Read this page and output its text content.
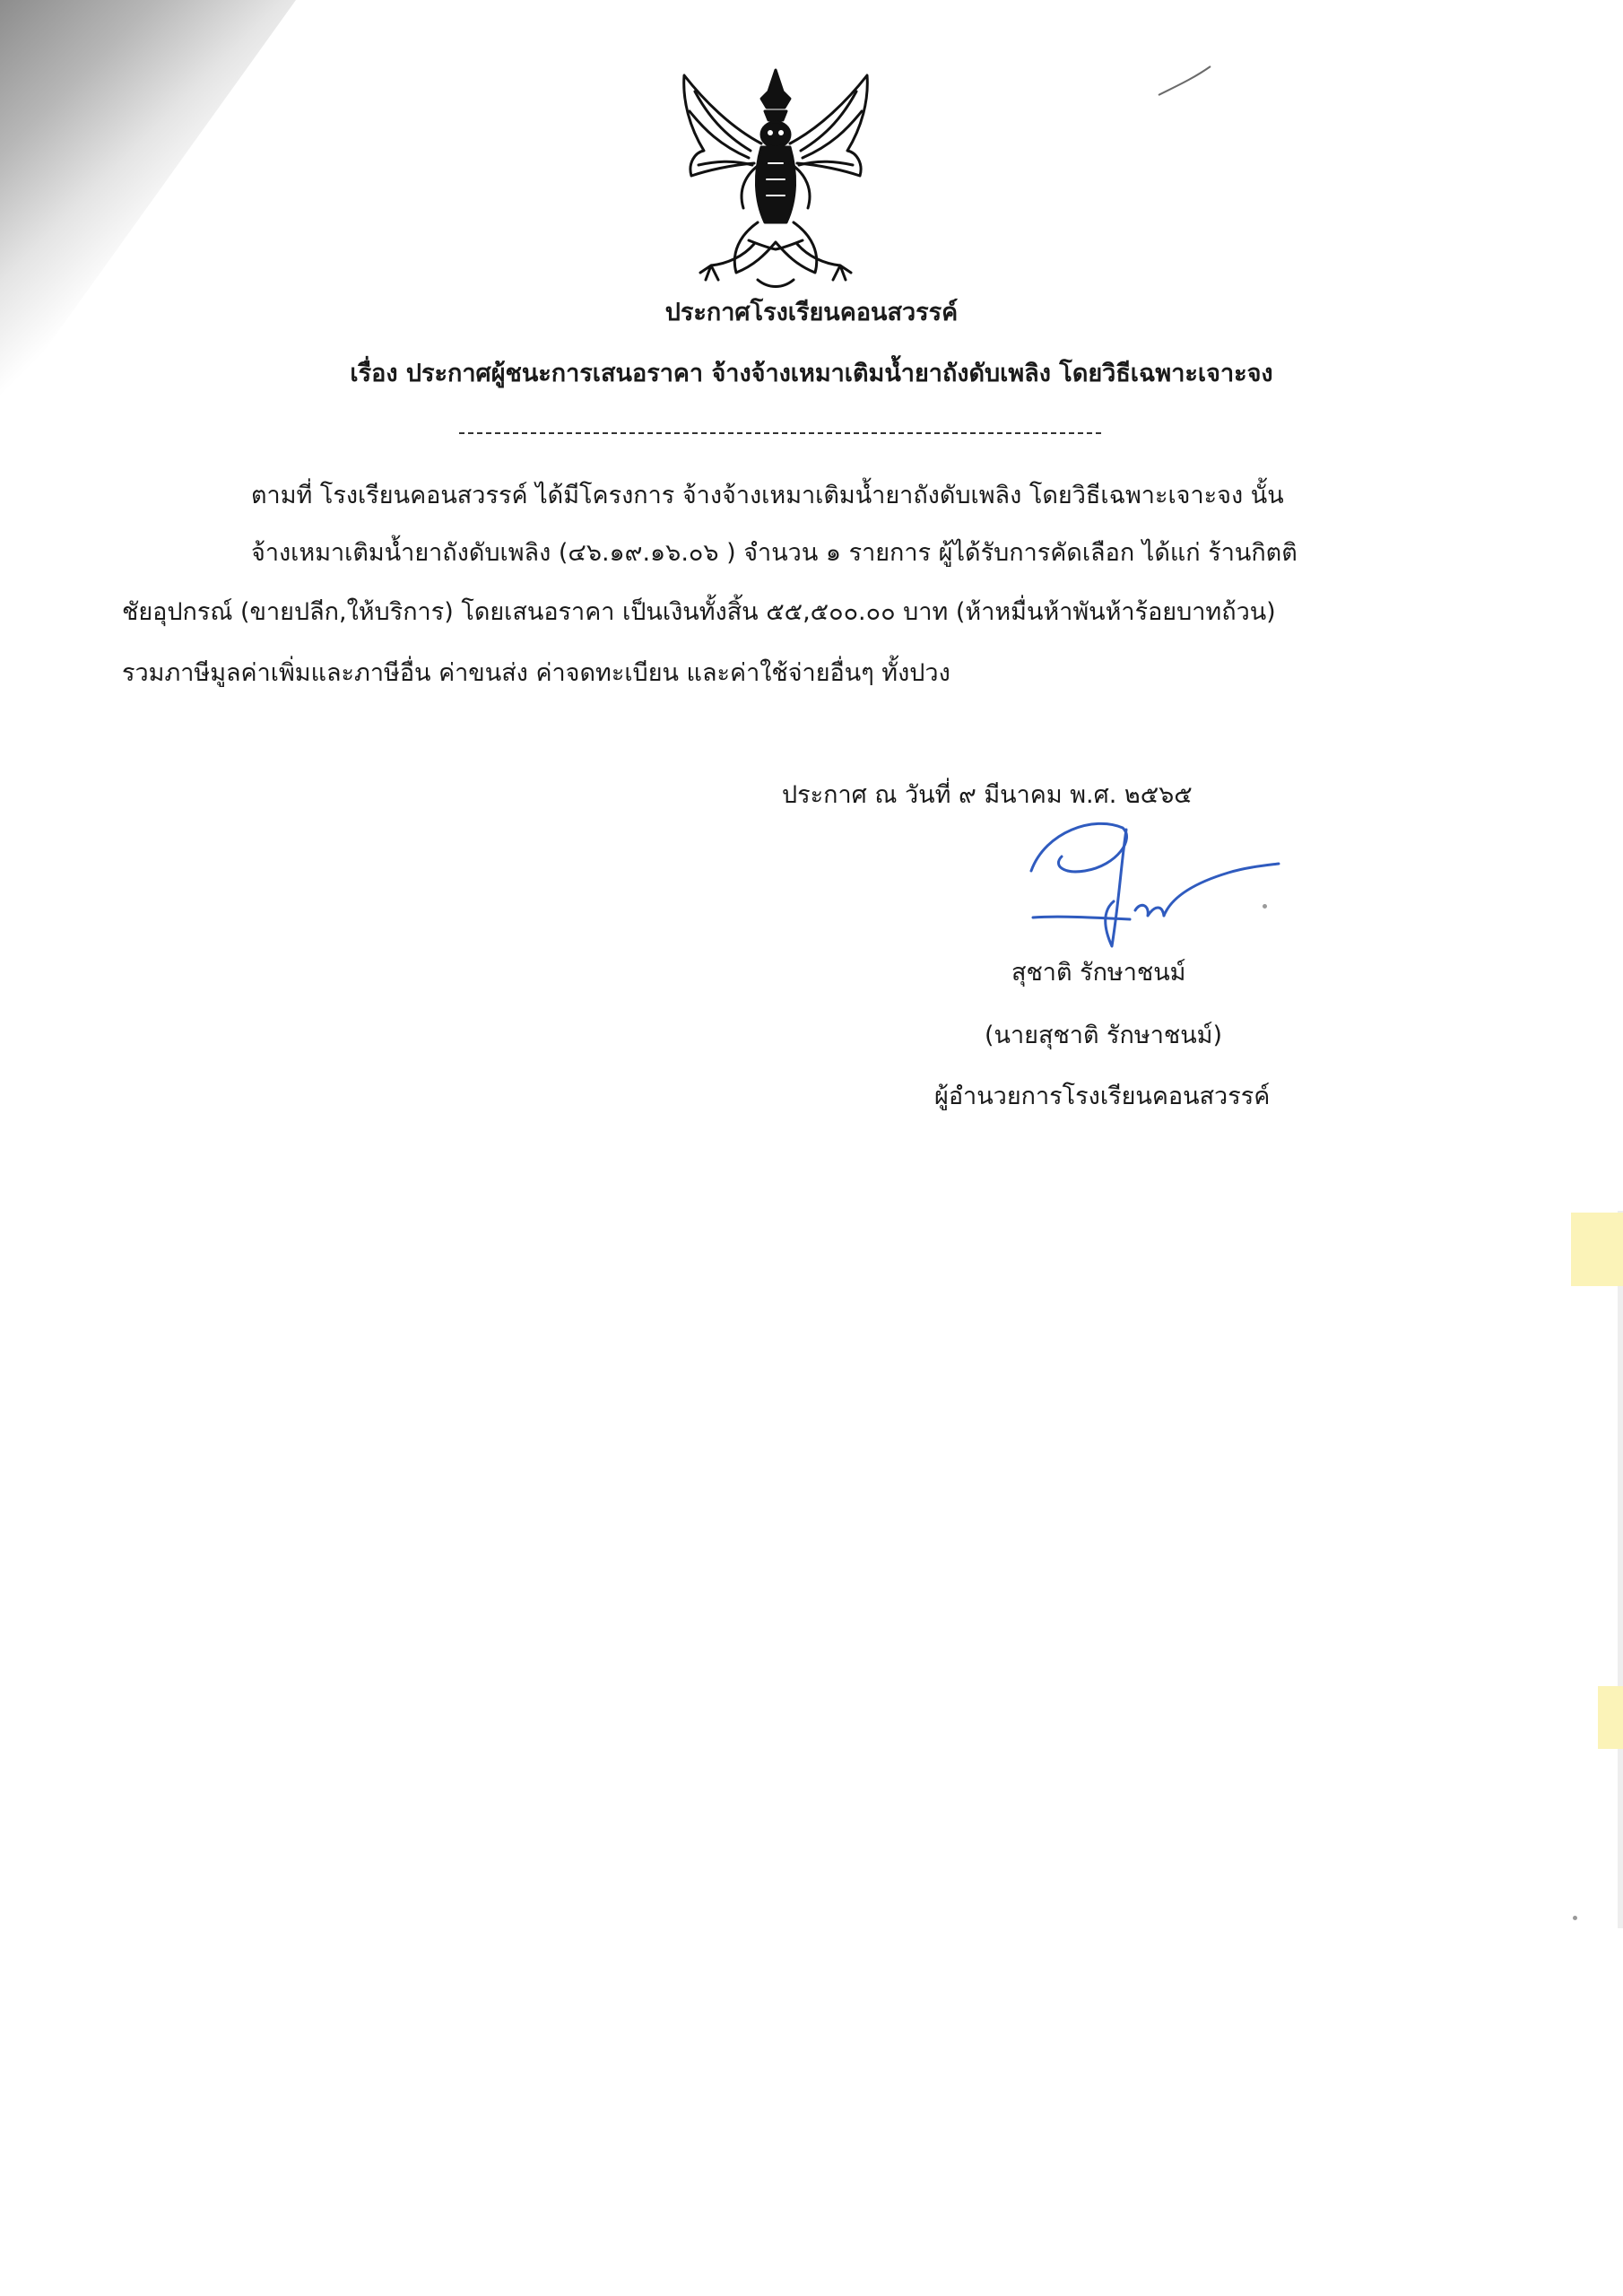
ประกาศโรงเรียนคอนสวรรค์
เรื่อง ประกาศผู้ชนะการเสนอราคา จ้างจ้างเหมาเติมน้ำยาถังดับเพลิง โดยวิธีเฉพาะเจาะจง
ตามที่ โรงเรียนคอนสวรรค์ ได้มีโครงการ จ้างจ้างเหมาเติมน้ำยาถังดับเพลิง โดยวิธีเฉพาะเจาะจง นั้น
จ้างเหมาเติมน้ำยาถังดับเพลิง (๔๖.๑๙.๑๖.๐๖ ) จำนวน ๑ รายการ ผู้ได้รับการคัดเลือก ได้แก่ ร้านกิตติ
ชัยอุปกรณ์ (ขายปลีก,ให้บริการ) โดยเสนอราคา เป็นเงินทั้งสิ้น ๕๕,๕๐๐.๐๐ บาท (ห้าหมื่นห้าพันห้าร้อยบาทถ้วน)
รวมภาษีมูลค่าเพิ่มและภาษีอื่น ค่าขนส่ง ค่าจดทะเบียน และค่าใช้จ่ายอื่นๆ ทั้งปวง
ประกาศ ณ วันที่ ๙ มีนาคม พ.ศ. ๒๕๖๕
สุชาติ รักษาชนม์
(นายสุชาติ รักษาชนม์)
ผู้อำนวยการโรงเรียนคอนสวรรค์
